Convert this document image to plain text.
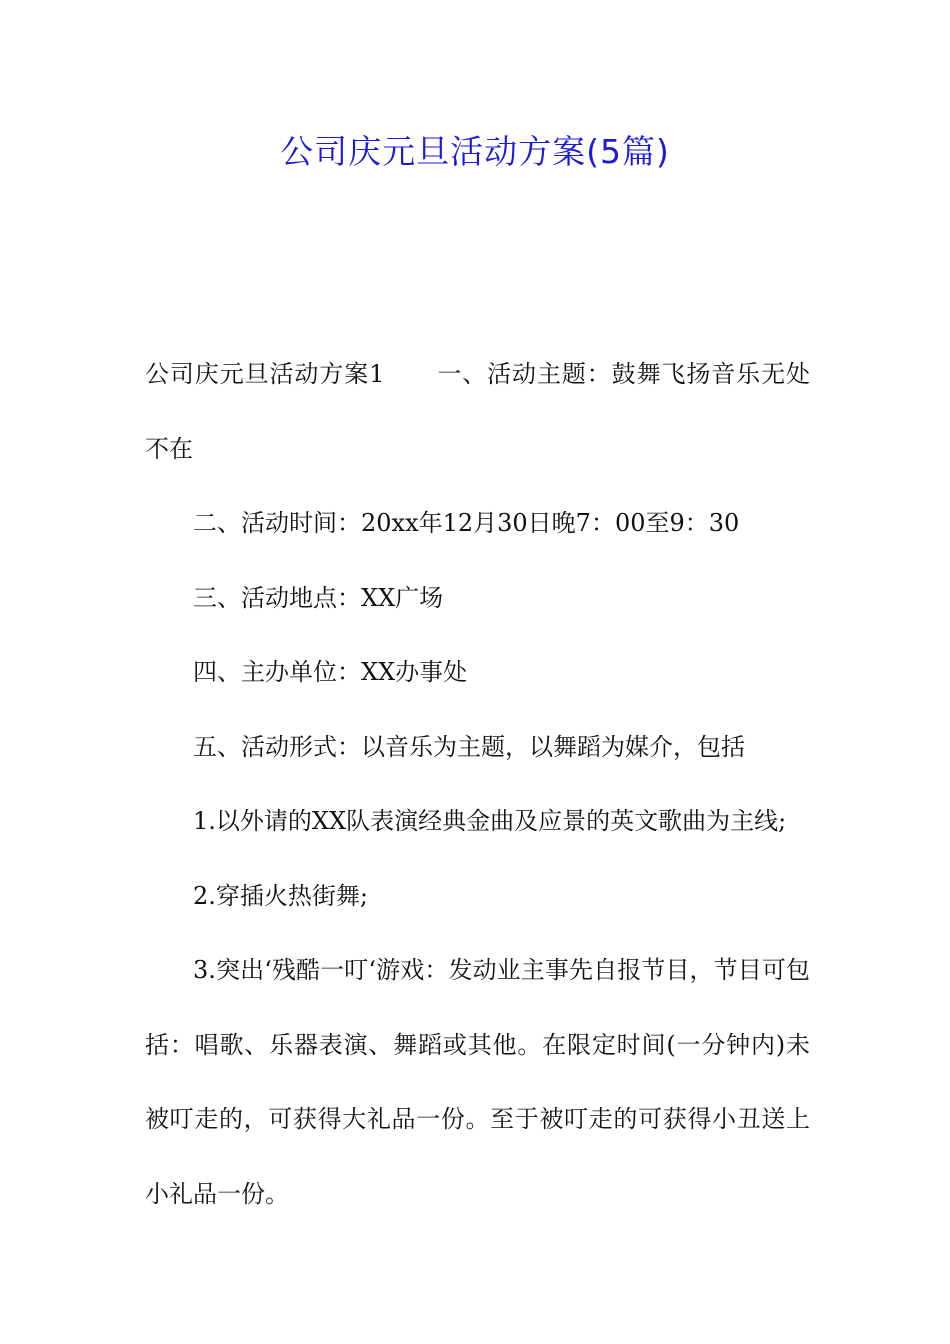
公司庆元旦活动方案(5篇)

公司庆元旦活动方案1 一、活动主题：鼓舞飞扬音乐无处不在

二、活动时间：20xx年12月30日晚7：00至9：30

三、活动地点：XX广场

四、主办单位：XX办事处

五、活动形式：以音乐为主题，以舞蹈为媒介，包括

1.以外请的XX队表演经典金曲及应景的英文歌曲为主线;

2.穿插火热街舞;

3.突出‘残酷一叮‘游戏：发动业主事先自报节目，节目可包括：唱歌、乐器表演、舞蹈或其他。在限定时间(一分钟内)未被叮走的，可获得大礼品一份。至于被叮走的可获得小丑送上小礼品一份。
